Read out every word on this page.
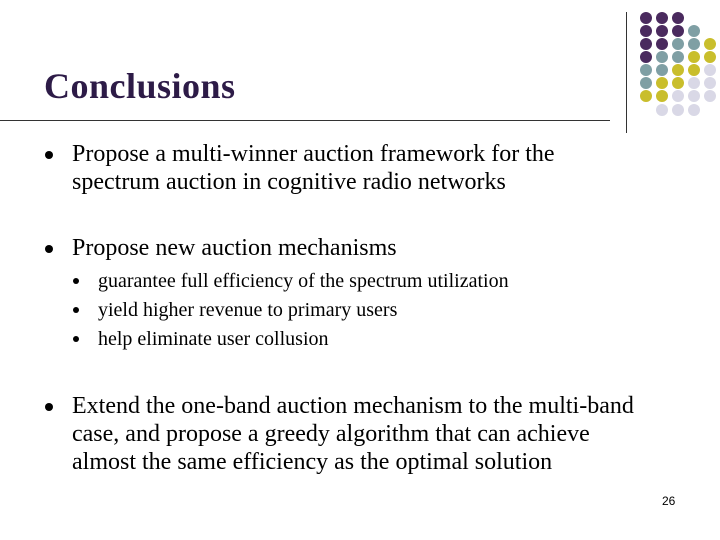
Conclusions
Propose a multi-winner auction framework for the
spectrum auction in cognitive radio networks
Propose new auction mechanisms
guarantee full efficiency of the spectrum utilization
yield higher revenue to primary users
help eliminate user collusion
Extend the one-band auction mechanism to the multi-band
case, and propose a greedy algorithm that can achieve
almost the same efficiency as the optimal solution
26
